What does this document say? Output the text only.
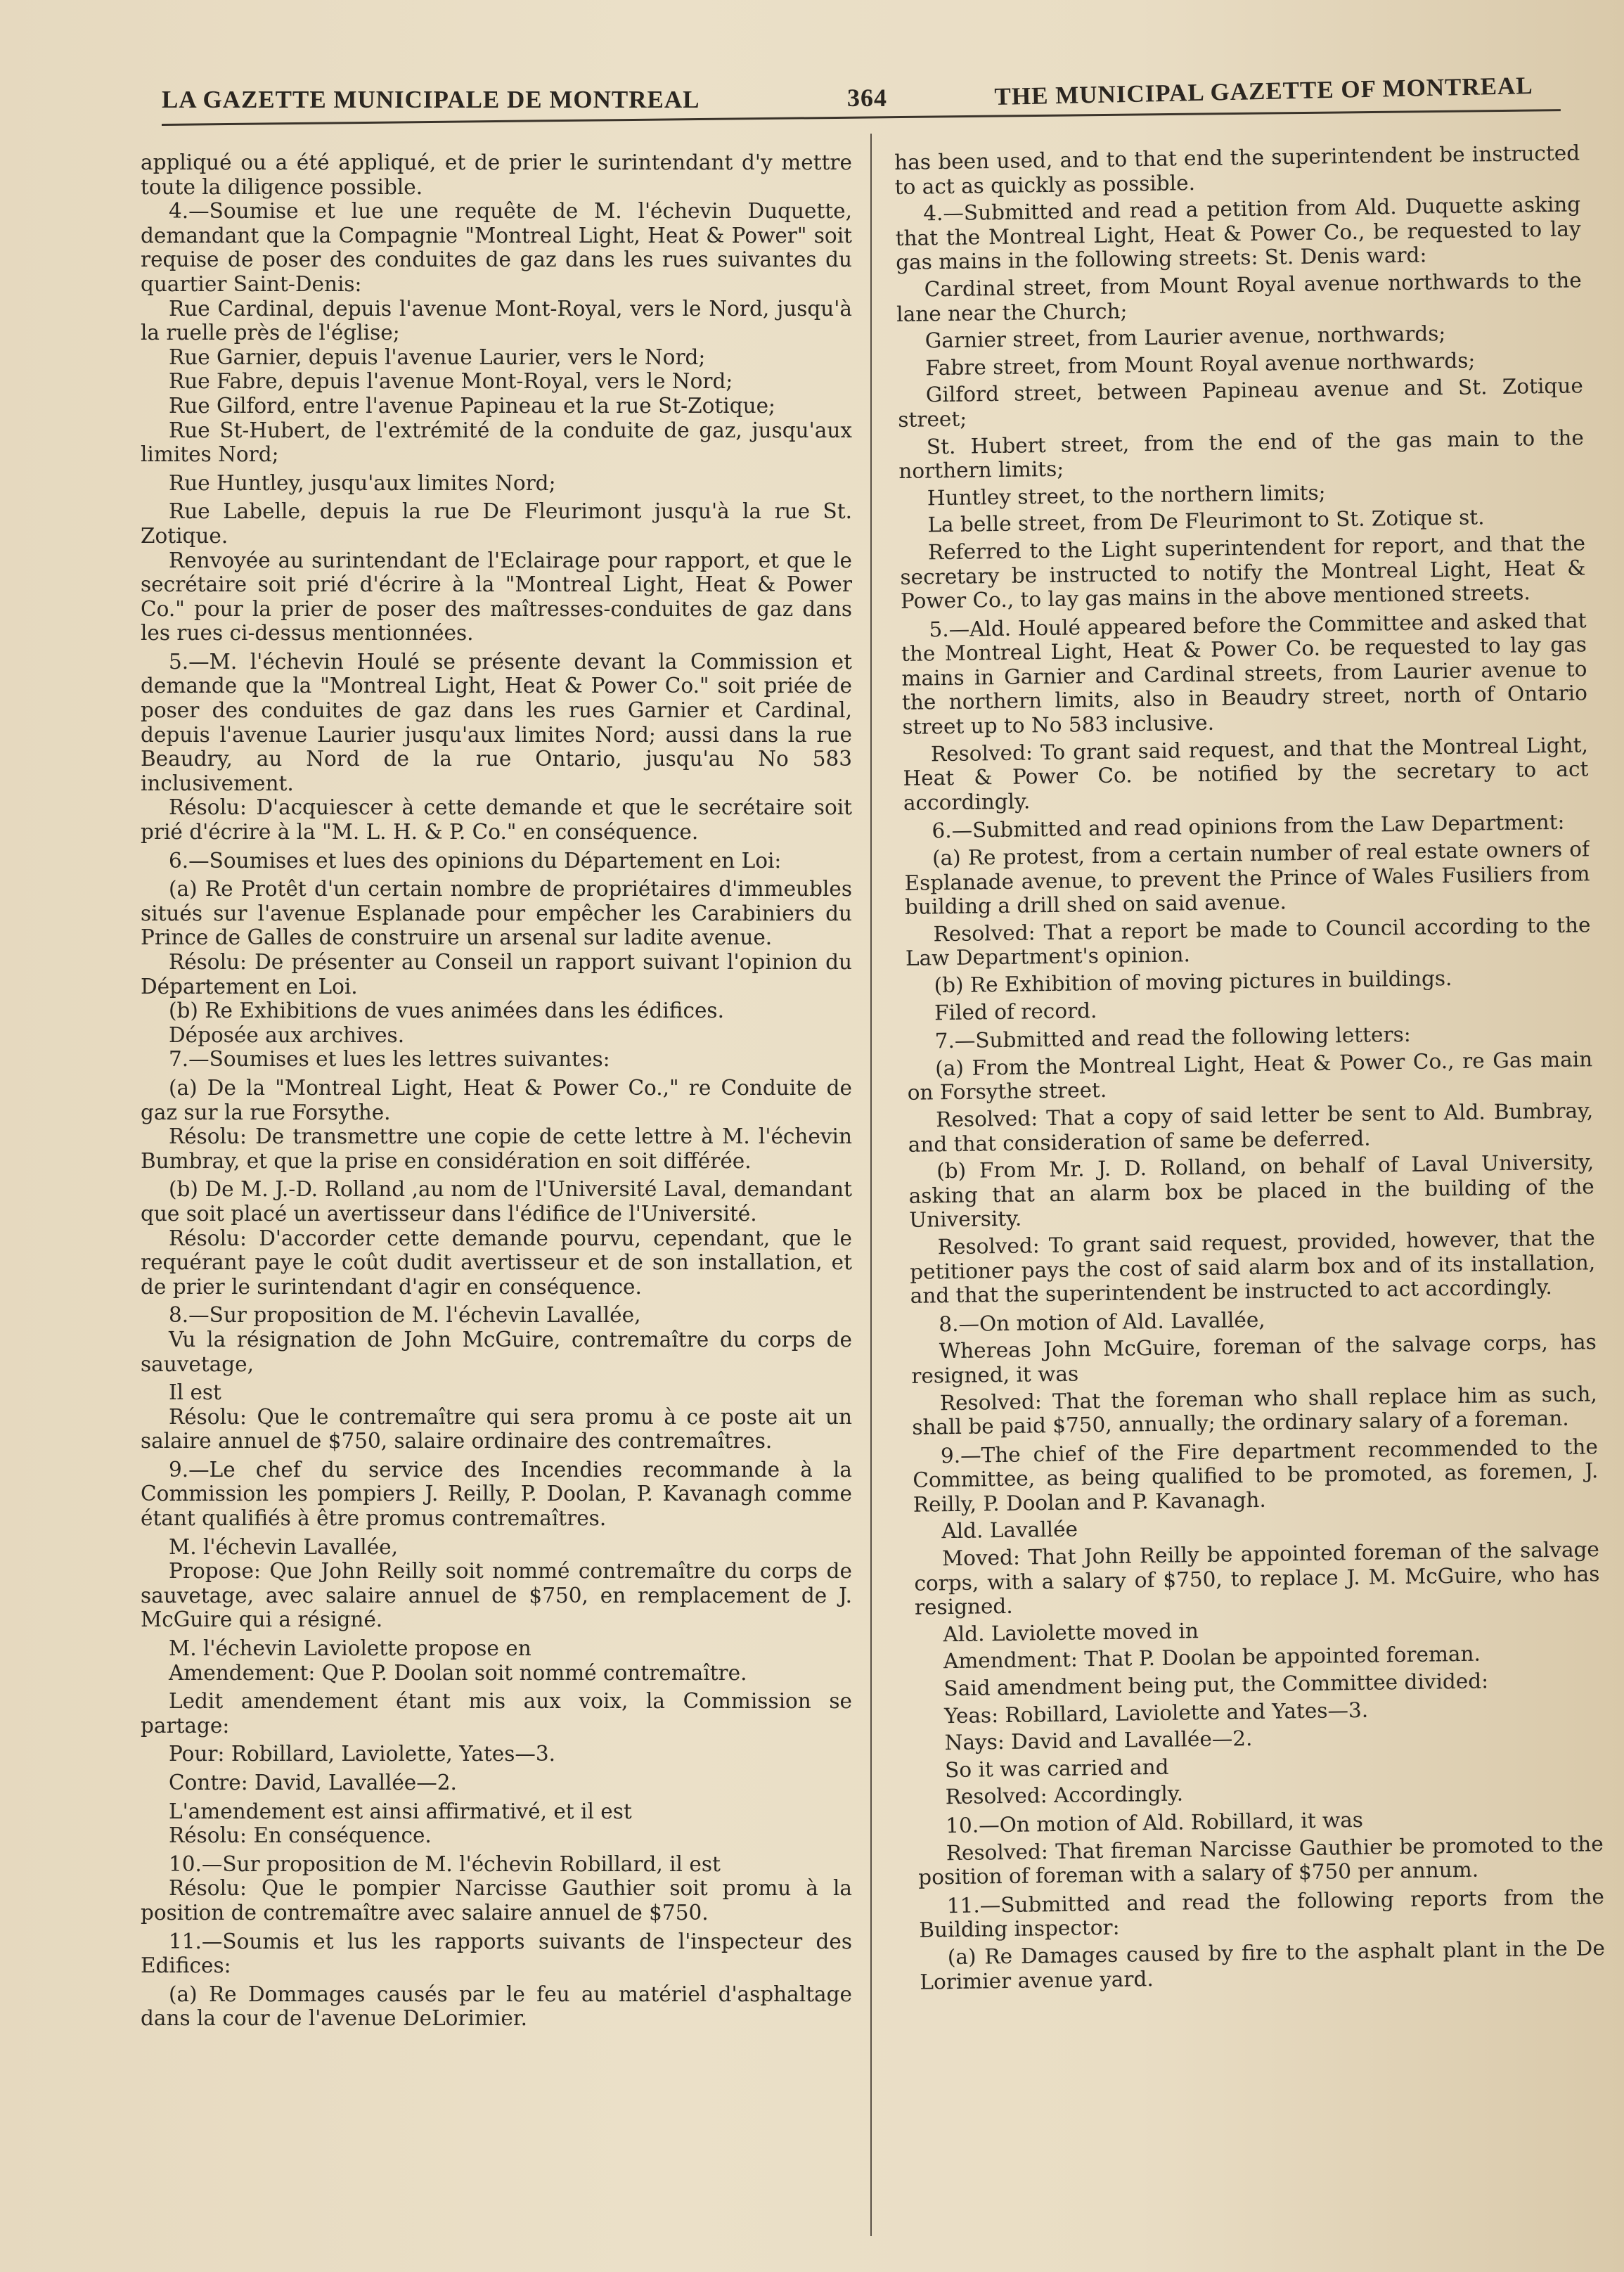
LA GAZETTE MUNICIPALE DE MONTREAL	364	THE MUNICIPAL GAZETTE OF MONTREAL

appliqué ou a été appliqué, et de prier le surintendant d'y mettre toute la diligence possible.

4.—Soumise et lue une requête de M. l'échevin Duquette, demandant que la Compagnie "Montreal Light, Heat & Power" soit requise de poser des conduites de gaz dans les rues suivantes du quartier Saint-Denis:

Rue Cardinal, depuis l'avenue Mont-Royal, vers le Nord, jusqu'à la ruelle près de l'église;

Rue Garnier, depuis l'avenue Laurier, vers le Nord;

Rue Fabre, depuis l'avenue Mont-Royal, vers le Nord;

Rue Gilford, entre l'avenue Papineau et la rue St-Zotique;

Rue St-Hubert, de l'extrémité de la conduite de gaz, jusqu'aux limites Nord;

Rue Huntley, jusqu'aux limites Nord;

Rue Labelle, depuis la rue De Fleurimont jusqu'à la rue St. Zotique.

Renvoyée au surintendant de l'Eclairage pour rapport, et que le secrétaire soit prié d'écrire à la "Montreal Light, Heat & Power Co." pour la prier de poser des maîtresses-conduites de gaz dans les rues ci-dessus mentionnées.

5.—M. l'échevin Houlé se présente devant la Commission et demande que la "Montreal Light, Heat & Power Co." soit priée de poser des conduites de gaz dans les rues Garnier et Cardinal, depuis l'avenue Laurier jusqu'aux limites Nord; aussi dans la rue Beaudry, au Nord de la rue Ontario, jusqu'au No 583 inclusivement.

Résolu: D'acquiescer à cette demande et que le secrétaire soit prié d'écrire à la "M. L. H. & P. Co." en conséquence.

6.—Soumises et lues des opinions du Département en Loi:

(a) Re Protêt d'un certain nombre de propriétaires d'immeubles situés sur l'avenue Esplanade pour empêcher les Carabiniers du Prince de Galles de construire un arsenal sur ladite avenue.

Résolu: De présenter au Conseil un rapport suivant l'opinion du Département en Loi.

(b) Re Exhibitions de vues animées dans les édifices.

Déposée aux archives.

7.—Soumises et lues les lettres suivantes:

(a) De la "Montreal Light, Heat & Power Co.," re Conduite de gaz sur la rue Forsythe.

Résolu: De transmettre une copie de cette lettre à M. l'échevin Bumbray, et que la prise en considération en soit différée.

(b) De M. J.-D. Rolland ,au nom de l'Université Laval, demandant que soit placé un avertisseur dans l'édifice de l'Université.

Résolu: D'accorder cette demande pourvu, cependant, que le requérant paye le coût dudit avertisseur et de son installation, et de prier le surintendant d'agir en conséquence.

8.—Sur proposition de M. l'échevin Lavallée,

Vu la résignation de John McGuire, contremaître du corps de sauvetage,

Il est

Résolu: Que le contremaître qui sera promu à ce poste ait un salaire annuel de $750, salaire ordinaire des contremaîtres.

9.—Le chef du service des Incendies recommande à la Commission les pompiers J. Reilly, P. Doolan, P. Kavanagh comme étant qualifiés à être promus contremaîtres.

M. l'échevin Lavallée,

Propose: Que John Reilly soit nommé contremaître du corps de sauvetage, avec salaire annuel de $750, en remplacement de J. McGuire qui a résigné.

M. l'échevin Laviolette propose en

Amendement: Que P. Doolan soit nommé contremaître.

Ledit amendement étant mis aux voix, la Commission se partage:

Pour: Robillard, Laviolette, Yates—3.

Contre: David, Lavallée—2.

L'amendement est ainsi affirmativé, et il est

Résolu: En conséquence.

10.—Sur proposition de M. l'échevin Robillard, il est

Résolu: Que le pompier Narcisse Gauthier soit promu à la position de contremaître avec salaire annuel de $750.

11.—Soumis et lus les rapports suivants de l'inspecteur des Edifices:

(a) Re Dommages causés par le feu au matériel d'asphaltage dans la cour de l'avenue DeLorimier.

has been used, and to that end the superintendent be instructed to act as quickly as possible.

4.—Submitted and read a petition from Ald. Duquette asking that the Montreal Light, Heat & Power Co., be requested to lay gas mains in the following streets: St. Denis ward:

Cardinal street, from Mount Royal avenue northwards to the lane near the Church;

Garnier street, from Laurier avenue, northwards;

Fabre street, from Mount Royal avenue northwards;

Gilford street, between Papineau avenue and St. Zotique street;

St. Hubert street, from the end of the gas main to the northern limits;

Huntley street, to the northern limits;

La belle street, from De Fleurimont to St. Zotique st.

Referred to the Light superintendent for report, and that the secretary be instructed to notify the Montreal Light, Heat & Power Co., to lay gas mains in the above mentioned streets.

5.—Ald. Houlé appeared before the Committee and asked that the Montreal Light, Heat & Power Co. be requested to lay gas mains in Garnier and Cardinal streets, from Laurier avenue to the northern limits, also in Beaudry street, north of Ontario street up to No 583 inclusive.

Resolved: To grant said request, and that the Montreal Light, Heat & Power Co. be notified by the secretary to act accordingly.

6.—Submitted and read opinions from the Law Department:

(a) Re protest, from a certain number of real estate owners of Esplanade avenue, to prevent the Prince of Wales Fusiliers from building a drill shed on said avenue.

Resolved: That a report be made to Council according to the Law Department's opinion.

(b) Re Exhibition of moving pictures in buildings.

Filed of record.

7.—Submitted and read the following letters:

(a) From the Montreal Light, Heat & Power Co., re Gas main on Forsythe street.

Resolved: That a copy of said letter be sent to Ald. Bumbray, and that consideration of same be deferred.

(b) From Mr. J. D. Rolland, on behalf of Laval University, asking that an alarm box be placed in the building of the University.

Resolved: To grant said request, provided, however, that the petitioner pays the cost of said alarm box and of its installation, and that the superintendent be instructed to act accordingly.

8.—On motion of Ald. Lavallée,

Whereas John McGuire, foreman of the salvage corps, has resigned, it was

Resolved: That the foreman who shall replace him as such, shall be paid $750, annually; the ordinary salary of a foreman.

9.—The chief of the Fire department recommended to the Committee, as being qualified to be promoted, as foremen, J. Reilly, P. Doolan and P. Kavanagh.

Ald. Lavallée

Moved: That John Reilly be appointed foreman of the salvage corps, with a salary of $750, to replace J. M. McGuire, who has resigned.

Ald. Laviolette moved in

Amendment: That P. Doolan be appointed foreman.

Said amendment being put, the Committee divided:

Yeas: Robillard, Laviolette and Yates—3.

Nays: David and Lavallée—2.

So it was carried and

Resolved: Accordingly.

10.—On motion of Ald. Robillard, it was

Resolved: That fireman Narcisse Gauthier be promoted to the position of foreman with a salary of $750 per annum.

11.—Submitted and read the following reports from the Building inspector:

(a) Re Damages caused by fire to the asphalt plant in the De Lorimier avenue yard.
